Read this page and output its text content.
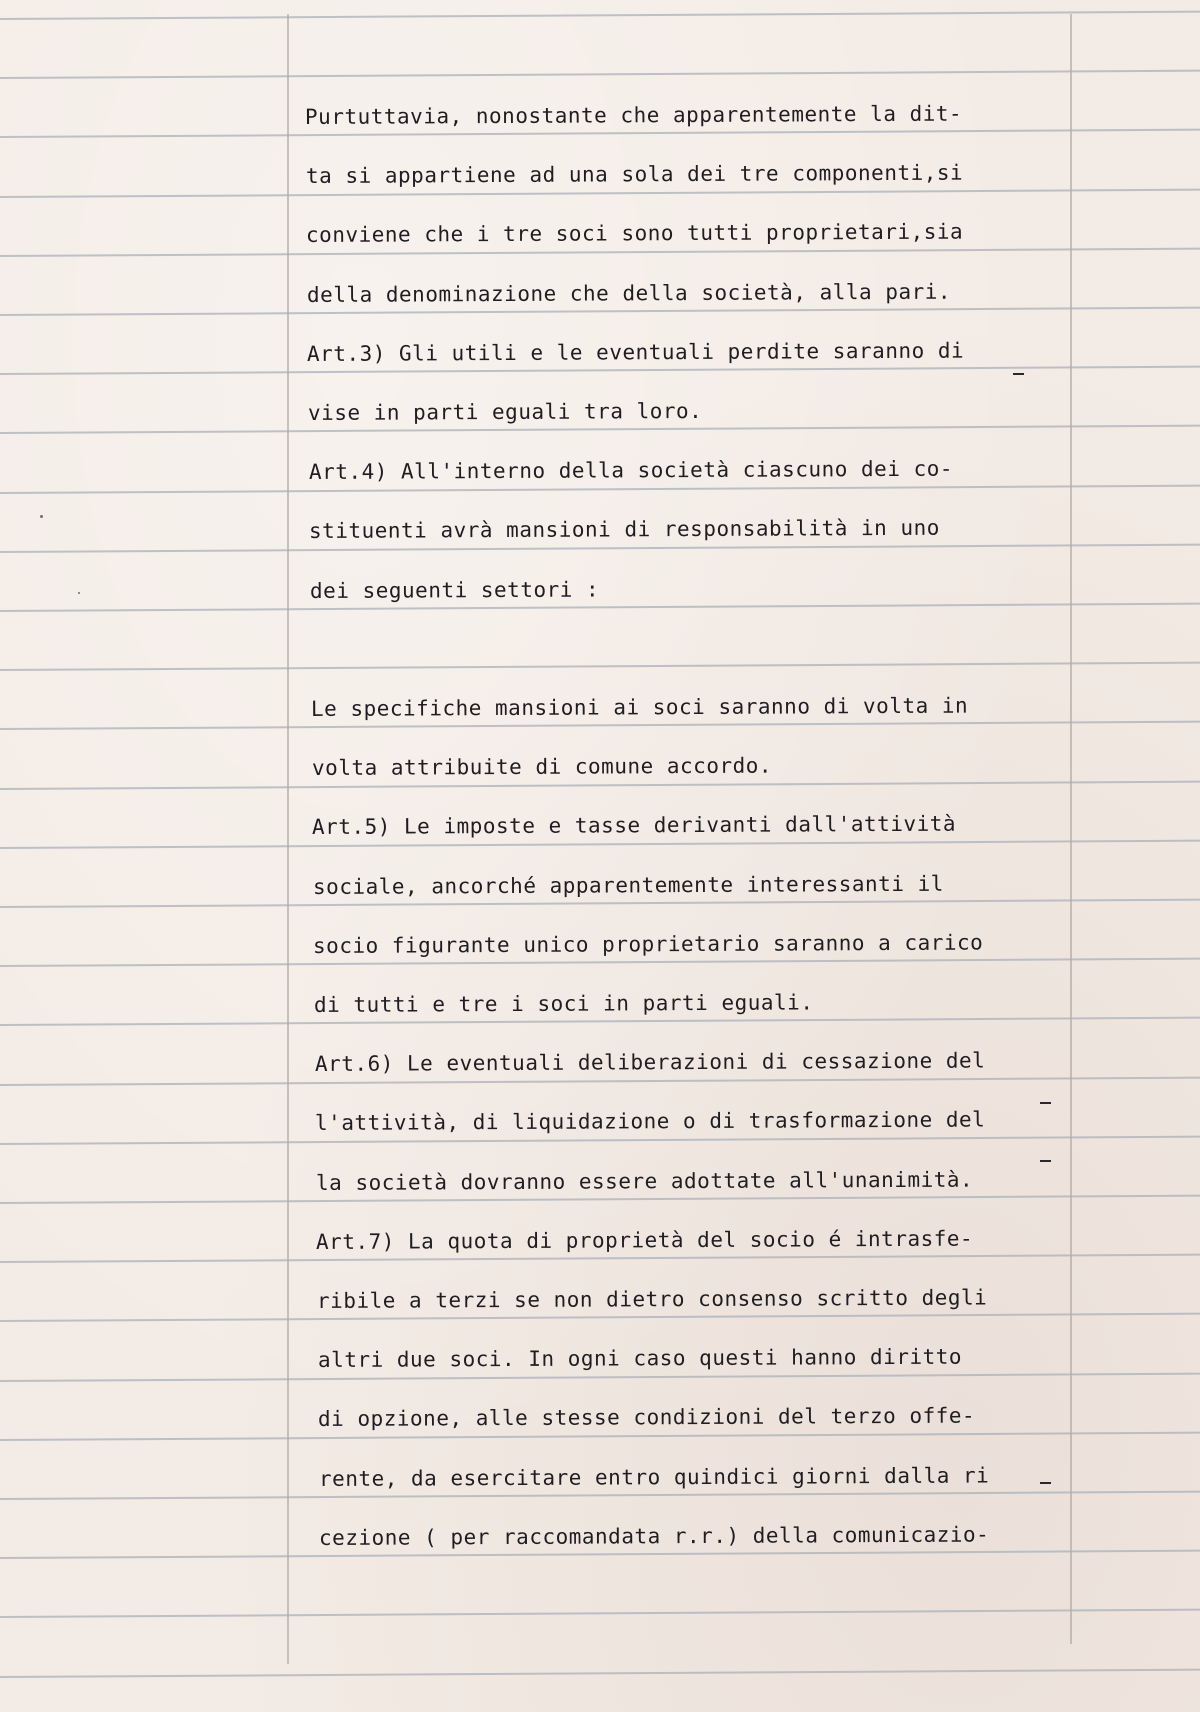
Purtuttavia, nonostante che apparentemente la dit-
ta si appartiene ad una sola dei tre componenti,si
conviene che i tre soci sono tutti proprietari,sia
della denominazione che della società, alla pari.
Art.3) Gli utili e le eventuali perdite saranno di
vise in parti eguali tra loro.
Art.4) All'interno della società ciascuno dei co-
stituenti avrà mansioni di responsabilità in uno
dei seguenti settori :
Le specifiche mansioni ai soci saranno di volta in
volta attribuite di comune accordo.
Art.5) Le imposte e tasse derivanti dall'attività
sociale, ancorché apparentemente interessanti il
socio figurante unico proprietario saranno a carico
di tutti e tre i soci in parti eguali.
Art.6) Le eventuali deliberazioni di cessazione del
l'attività, di liquidazione o di trasformazione del
la società dovranno essere adottate all'unanimità.
Art.7) La quota di proprietà del socio é intrasfe-
ribile a terzi se non dietro consenso scritto degli
altri due soci. In ogni caso questi hanno diritto
di opzione, alle stesse condizioni del terzo offe-
rente, da esercitare entro quindici giorni dalla ri
cezione ( per raccomandata r.r.) della comunicazio-
